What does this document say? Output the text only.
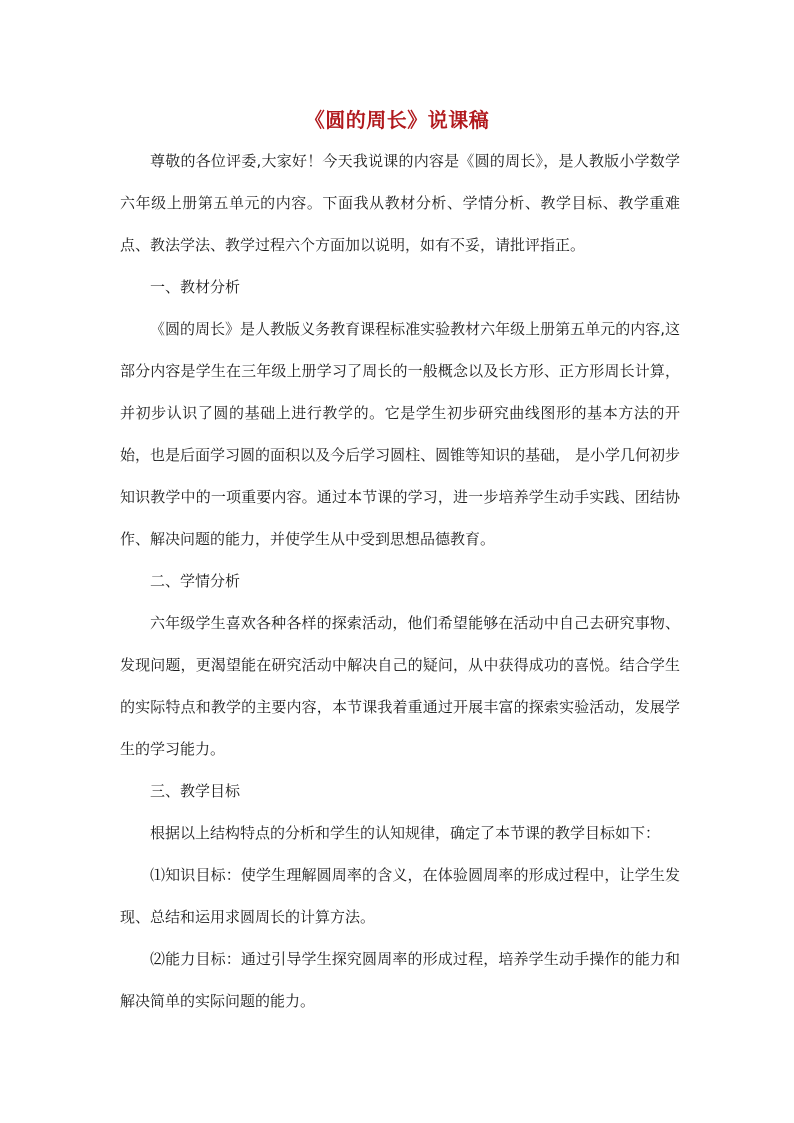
《圆的周长》说课稿

尊敬的各位评委,大家好！今天我说课的内容是《圆的周长》，是人教版小学数学六年级上册第五单元的内容。下面我从教材分析、学情分析、教学目标、教学重难点、教法学法、教学过程六个方面加以说明，如有不妥，请批评指正。

一、教材分析

《圆的周长》是人教版义务教育课程标准实验教材六年级上册第五单元的内容,这部分内容是学生在三年级上册学习了周长的一般概念以及长方形、正方形周长计算，并初步认识了圆的基础上进行教学的。它是学生初步研究曲线图形的基本方法的开始，也是后面学习圆的面积以及今后学习圆柱、圆锥等知识的基础， 是小学几何初步知识教学中的一项重要内容。通过本节课的学习，进一步培养学生动手实践、团结协作、解决问题的能力，并使学生从中受到思想品德教育。

二、学情分析

六年级学生喜欢各种各样的探索活动，他们希望能够在活动中自己去研究事物、发现问题，更渴望能在研究活动中解决自己的疑问，从中获得成功的喜悦。结合学生的实际特点和教学的主要内容，本节课我着重通过开展丰富的探索实验活动，发展学生的学习能力。

三、教学目标

根据以上结构特点的分析和学生的认知规律，确定了本节课的教学目标如下：

⑴知识目标：使学生理解圆周率的含义，在体验圆周率的形成过程中，让学生发现、总结和运用求圆周长的计算方法。

⑵能力目标：通过引导学生探究圆周率的形成过程，培养学生动手操作的能力和解决简单的实际问题的能力。
